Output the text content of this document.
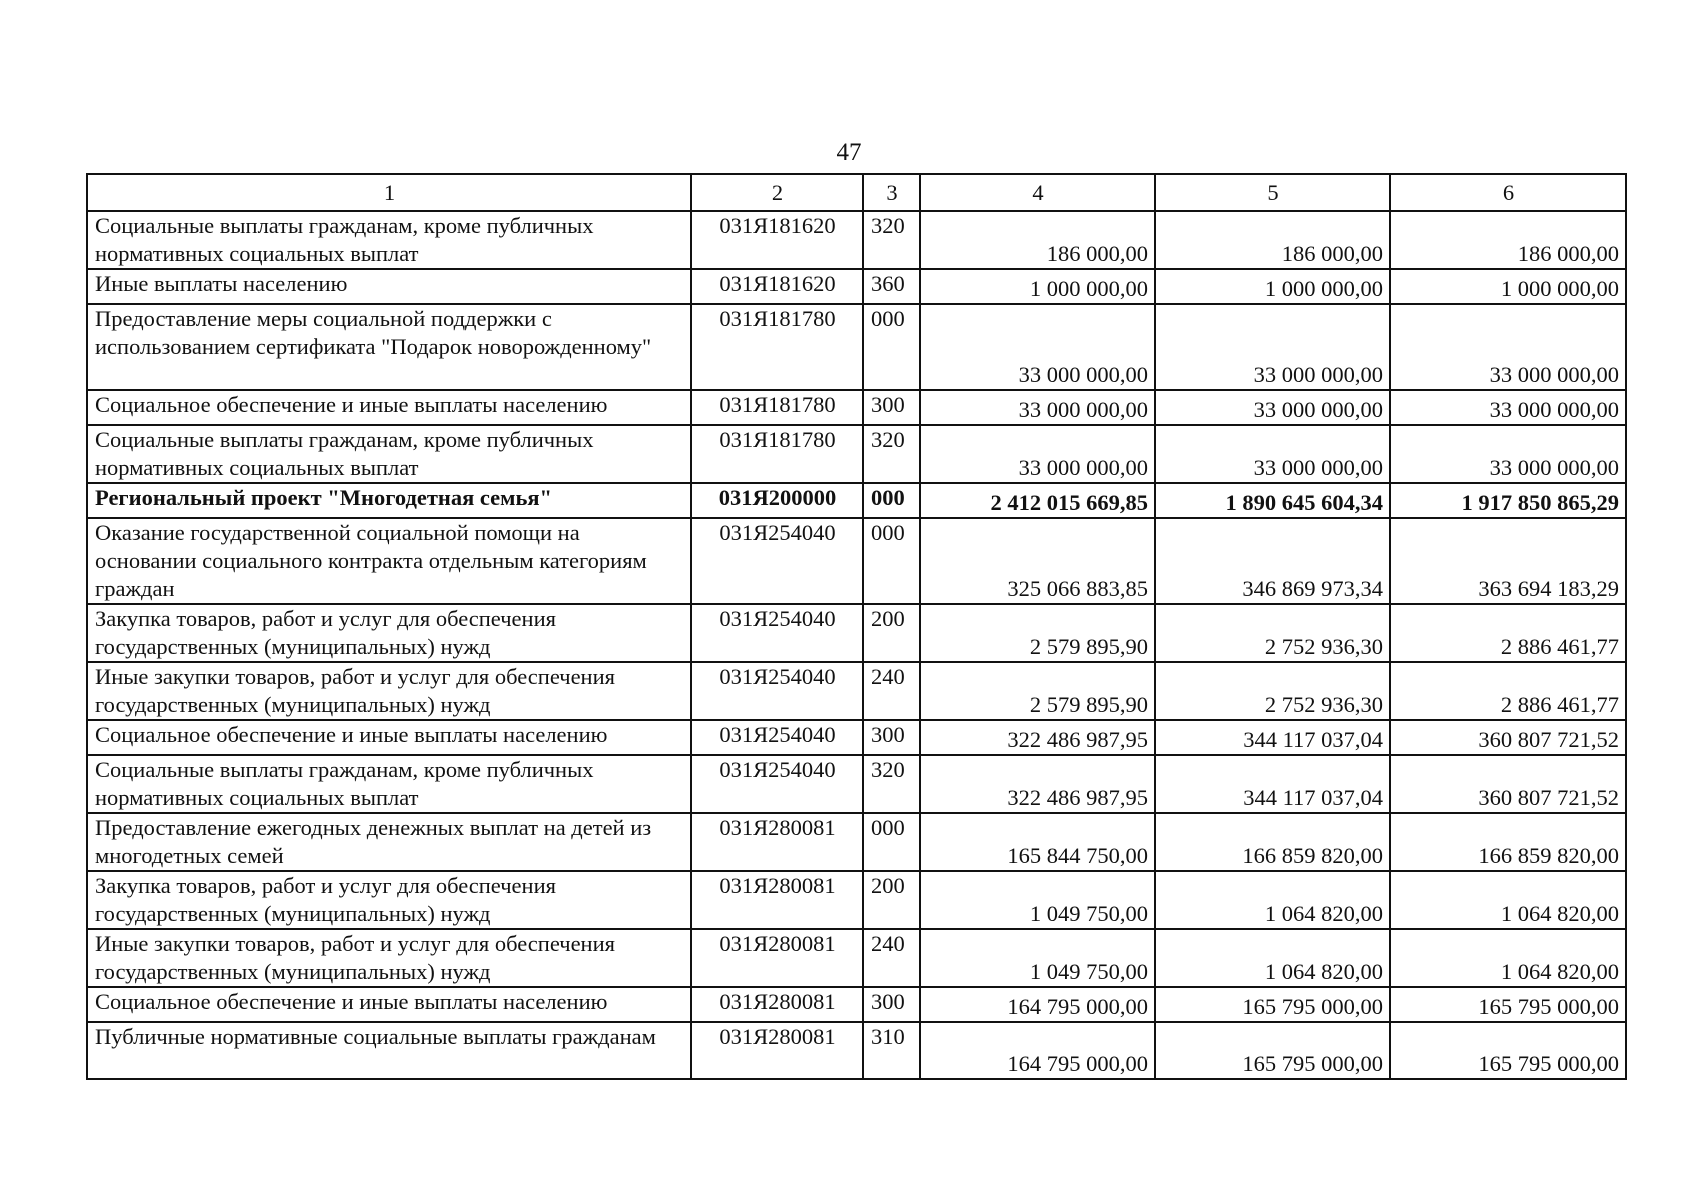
47
1	2	3	4	5	6
Социальные выплаты гражданам, кроме публичных нормативных социальных выплат	031Я181620	320	186 000,00	186 000,00	186 000,00
Иные выплаты населению	031Я181620	360	1 000 000,00	1 000 000,00	1 000 000,00
Предоставление меры социальной поддержки с использованием сертификата "Подарок новорожденному"	031Я181780	000	33 000 000,00	33 000 000,00	33 000 000,00
Социальное обеспечение и иные выплаты населению	031Я181780	300	33 000 000,00	33 000 000,00	33 000 000,00
Социальные выплаты гражданам, кроме публичных нормативных социальных выплат	031Я181780	320	33 000 000,00	33 000 000,00	33 000 000,00
Региональный проект "Многодетная семья"	031Я200000	000	2 412 015 669,85	1 890 645 604,34	1 917 850 865,29
Оказание государственной социальной помощи на основании социального контракта отдельным категориям граждан	031Я254040	000	325 066 883,85	346 869 973,34	363 694 183,29
Закупка товаров, работ и услуг для обеспечения государственных (муниципальных) нужд	031Я254040	200	2 579 895,90	2 752 936,30	2 886 461,77
Иные закупки товаров, работ и услуг для обеспечения государственных (муниципальных) нужд	031Я254040	240	2 579 895,90	2 752 936,30	2 886 461,77
Социальное обеспечение и иные выплаты населению	031Я254040	300	322 486 987,95	344 117 037,04	360 807 721,52
Социальные выплаты гражданам, кроме публичных нормативных социальных выплат	031Я254040	320	322 486 987,95	344 117 037,04	360 807 721,52
Предоставление ежегодных денежных выплат на детей из многодетных семей	031Я280081	000	165 844 750,00	166 859 820,00	166 859 820,00
Закупка товаров, работ и услуг для обеспечения государственных (муниципальных) нужд	031Я280081	200	1 049 750,00	1 064 820,00	1 064 820,00
Иные закупки товаров, работ и услуг для обеспечения государственных (муниципальных) нужд	031Я280081	240	1 049 750,00	1 064 820,00	1 064 820,00
Социальное обеспечение и иные выплаты населению	031Я280081	300	164 795 000,00	165 795 000,00	165 795 000,00
Публичные нормативные социальные выплаты гражданам	031Я280081	310	164 795 000,00	165 795 000,00	165 795 000,00
